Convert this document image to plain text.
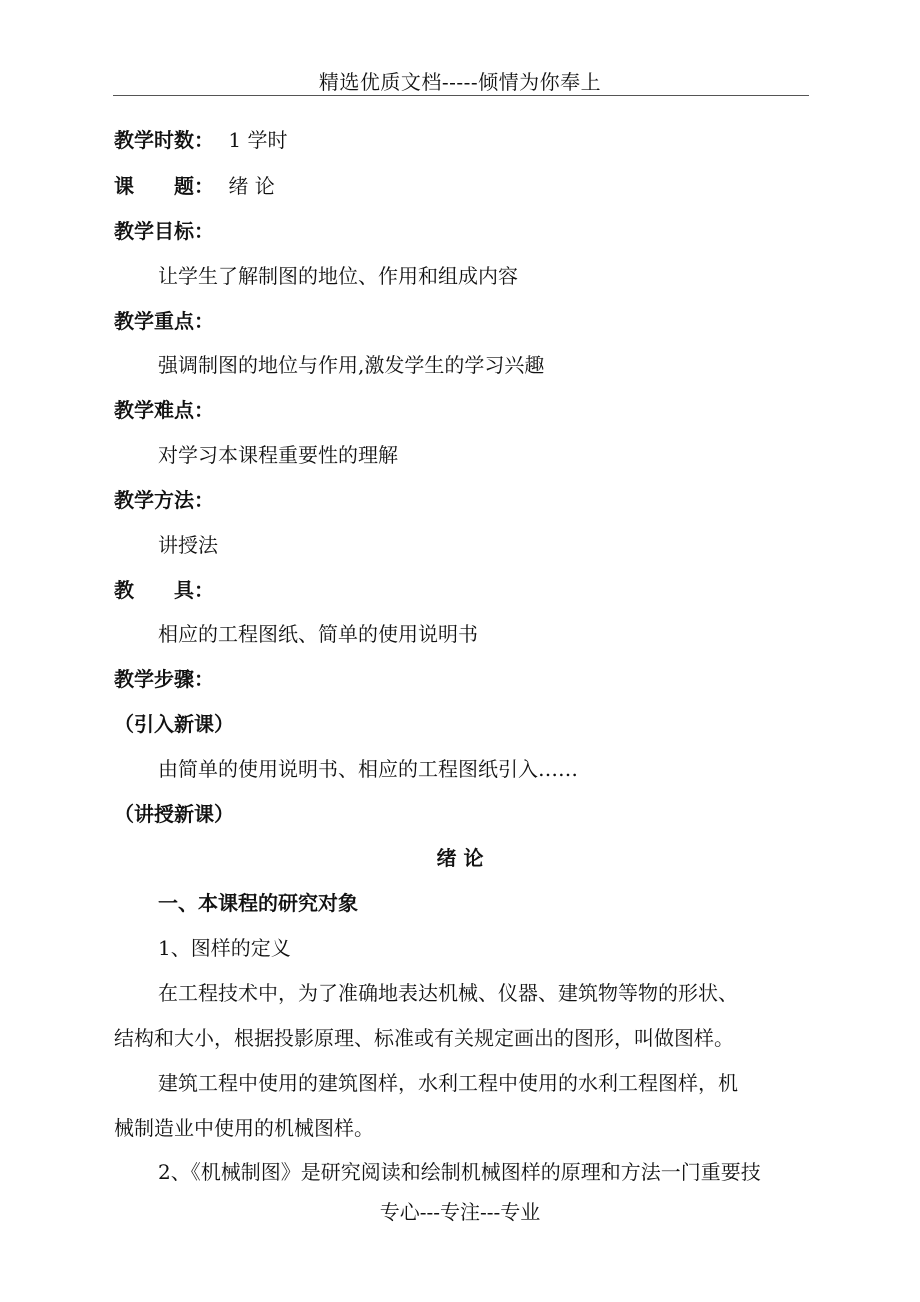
精选优质文档-----倾情为你奉上
教学时数： 1 学时
课　　题： 绪 论
教学目标：
让学生了解制图的地位、作用和组成内容
教学重点：
强调制图的地位与作用,激发学生的学习兴趣
教学难点：
对学习本课程重要性的理解
教学方法：
讲授法
教　　具：
相应的工程图纸、简单的使用说明书
教学步骤：
（引入新课）
由简单的使用说明书、相应的工程图纸引入……
（讲授新课）
绪 论
一、本课程的研究对象
1、图样的定义
在工程技术中，为了准确地表达机械、仪器、建筑物等物的形状、
结构和大小，根据投影原理、标准或有关规定画出的图形，叫做图样。
建筑工程中使用的建筑图样，水利工程中使用的水利工程图样，机
械制造业中使用的机械图样。
2、《机械制图》是研究阅读和绘制机械图样的原理和方法一门重要技
专心---专注---专业
